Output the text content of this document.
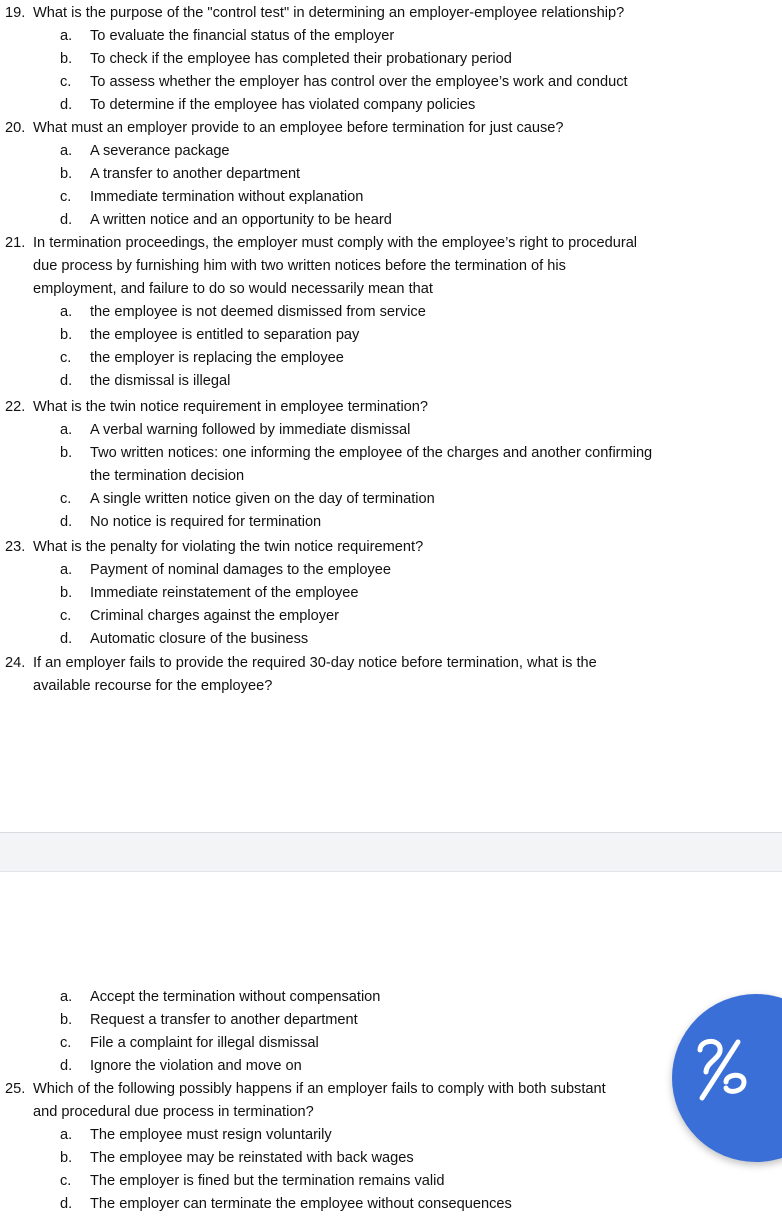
19. What is the purpose of the "control test" in determining an employer-employee relationship?
a.	To evaluate the financial status of the employer
b.	To check if the employee has completed their probationary period
c.	To assess whether the employer has control over the employee’s work and conduct
d.	To determine if the employee has violated company policies
20. What must an employer provide to an employee before termination for just cause?
a.	A severance package
b.	A transfer to another department
c.	Immediate termination without explanation
d.	A written notice and an opportunity to be heard
21. In termination proceedings, the employer must comply with the employee’s right to procedural
due process by furnishing him with two written notices before the termination of his
employment, and failure to do so would necessarily mean that
a.	the employee is not deemed dismissed from service
b.	the employee is entitled to separation pay
c.	the employer is replacing the employee
d.	the dismissal is illegal
22. What is the twin notice requirement in employee termination?
a.	A verbal warning followed by immediate dismissal
b.	Two written notices: one informing the employee of the charges and another confirming
the termination decision
c.	A single written notice given on the day of termination
d.	No notice is required for termination
23. What is the penalty for violating the twin notice requirement?
a.	Payment of nominal damages to the employee
b.	Immediate reinstatement of the employee
c.	Criminal charges against the employer
d.	Automatic closure of the business
24. If an employer fails to provide the required 30-day notice before termination, what is the
available recourse for the employee?
a.	Accept the termination without compensation
b.	Request a transfer to another department
c.	File a complaint for illegal dismissal
d.	Ignore the violation and move on
25. Which of the following possibly happens if an employer fails to comply with both substant
and procedural due process in termination?
a.	The employee must resign voluntarily
b.	The employee may be reinstated with back wages
c.	The employer is fined but the termination remains valid
d.	The employer can terminate the employee without consequences
